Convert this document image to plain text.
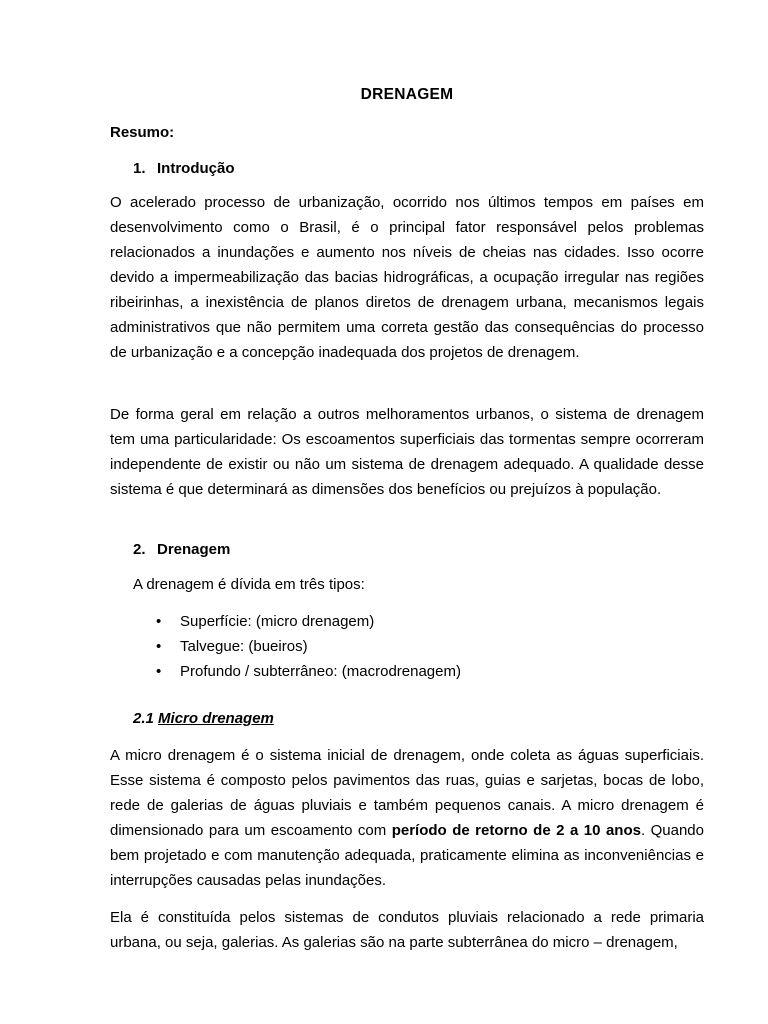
DRENAGEM

Resumo:

1. Introdução

O acelerado processo de urbanização, ocorrido nos últimos tempos em países em desenvolvimento como o Brasil, é o principal fator responsável pelos problemas relacionados a inundações e aumento nos níveis de cheias nas cidades. Isso ocorre devido a impermeabilização das bacias hidrográficas, a ocupação irregular nas regiões ribeirinhas, a inexistência de planos diretos de drenagem urbana, mecanismos legais administrativos que não permitem uma correta gestão das consequências do processo de urbanização e a concepção inadequada dos projetos de drenagem.

De forma geral em relação a outros melhoramentos urbanos, o sistema de drenagem tem uma particularidade: Os escoamentos superficiais das tormentas sempre ocorreram independente de existir ou não um sistema de drenagem adequado. A qualidade desse sistema é que determinará as dimensões dos benefícios ou prejuízos à população.

2. Drenagem

A drenagem é dívida em três tipos:

• Superfície: (micro drenagem)
• Talvegue: (bueiros)
• Profundo / subterrâneo: (macrodrenagem)

2.1 Micro drenagem

A micro drenagem é o sistema inicial de drenagem, onde coleta as águas superficiais. Esse sistema é composto pelos pavimentos das ruas, guias e sarjetas, bocas de lobo, rede de galerias de águas pluviais e também pequenos canais. A micro drenagem é dimensionado para um escoamento com período de retorno de 2 a 10 anos. Quando bem projetado e com manutenção adequada, praticamente elimina as inconveniências e interrupções causadas pelas inundações.

Ela é constituída pelos sistemas de condutos pluviais relacionado a rede primaria urbana, ou seja, galerias. As galerias são na parte subterrânea do micro – drenagem,
